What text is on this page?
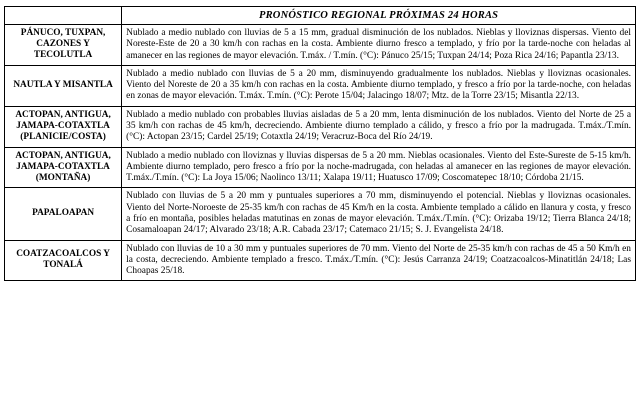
	PRONÓSTICO REGIONAL PRÓXIMAS 24 HORAS
PÁNUCO, TUXPAN, CAZONES Y TECOLUTLA	Nublado a medio nublado con lluvias de 5 a 15 mm, gradual disminución de los nublados. Nieblas y lloviznas dispersas. Viento del Noreste-Este de 20 a 30 km/h con rachas en la costa. Ambiente diurno fresco a templado, y frío por la tarde-noche con heladas al amanecer en las regiones de mayor elevación. T.máx. / T.mín. (°C): Pánuco 25/15; Tuxpan 24/14; Poza Rica 24/16; Papantla 23/13.
NAUTLA Y MISANTLA	Nublado a medio nublado con lluvias de 5 a 20 mm, disminuyendo gradualmente los nublados. Nieblas y lloviznas ocasionales. Viento del Noreste de 20 a 35 km/h con rachas en la costa. Ambiente diurno templado, y fresco a frío por la tarde-noche, con heladas en zonas de mayor elevación. T.máx. T.mín. (°C): Perote 15/04; Jalacingo 18/07; Mtz. de la Torre 23/15; Misantla 22/13.
ACTOPAN, ANTIGUA, JAMAPA-COTAXTLA (PLANICIE/COSTA)	Nublado a medio nublado con probables lluvias aisladas de 5 a 20 mm, lenta disminución de los nublados. Viento del Norte de 25 a 35 km/h con rachas de 45 km/h, decreciendo. Ambiente diurno templado a cálido, y fresco a frío por la madrugada. T.máx./T.mín. (°C): Actopan 23/15; Cardel 25/19; Cotaxtla 24/19; Veracruz-Boca del Río 24/19.
ACTOPAN, ANTIGUA, JAMAPA-COTAXTLA (MONTAÑA)	Nublado a medio nublado con lloviznas y lluvias dispersas de 5 a 20 mm. Nieblas ocasionales. Viento del Este-Sureste de 5-15 km/h. Ambiente diurno templado, pero fresco a frío por la noche-madrugada, con heladas al amanecer en las regiones de mayor elevación. T.máx./T.mín. (°C): La Joya 15/06; Naolinco 13/11; Xalapa 19/11; Huatusco 17/09; Coscomatepec 18/10; Córdoba 21/15.
PAPALOAPAN	Nublado con lluvias de 5 a 20 mm y puntuales superiores a 70 mm, disminuyendo el potencial. Nieblas y lloviznas ocasionales. Viento del Norte-Noroeste de 25-35 km/h con rachas de 45 Km/h en la costa. Ambiente templado a cálido en llanura y costa, y fresco a frío en montaña, posibles heladas matutinas en zonas de mayor elevación. T.máx./T.mín. (°C): Orizaba 19/12; Tierra Blanca 24/18; Cosamaloapan 24/17; Alvarado 23/18; A.R. Cabada 23/17; Catemaco 21/15; S. J. Evangelista 24/18.
COATZACOALCOS Y TONALÁ	Nublado con lluvias de 10 a 30 mm y puntuales superiores de 70 mm. Viento del Norte de 25-35 km/h con rachas de 45 a 50 Km/h en la costa, decreciendo. Ambiente templado a fresco. T.máx./T.mín. (°C): Jesús Carranza 24/19; Coatzacoalcos-Minatitlán 24/18; Las Choapas 25/18.
